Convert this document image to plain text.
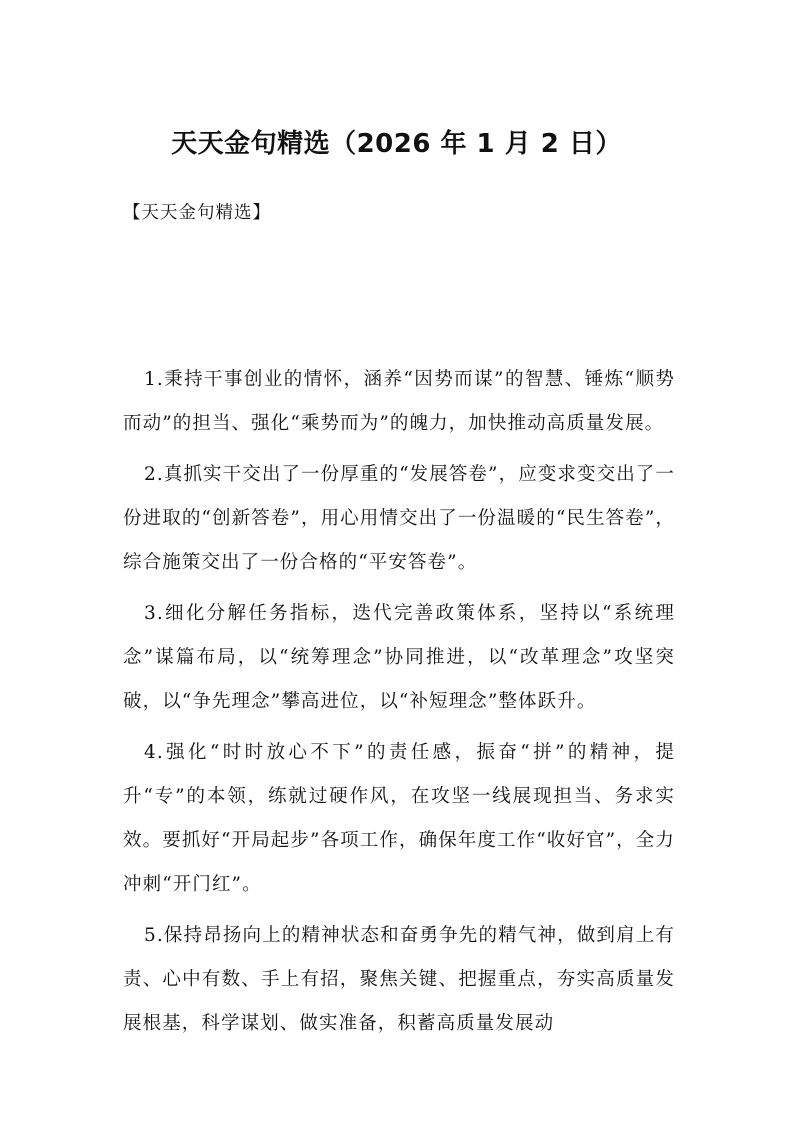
天天金句精选（2026 年 1 月 2 日）

【天天金句精选】

1.秉持干事创业的情怀，涵养“因势而谋”的智慧、锤炼“顺势而动”的担当、强化“乘势而为”的魄力，加快推动高质量发展。

2.真抓实干交出了一份厚重的“发展答卷”，应变求变交出了一份进取的“创新答卷”，用心用情交出了一份温暖的“民生答卷”，综合施策交出了一份合格的“平安答卷”。

3.细化分解任务指标，迭代完善政策体系，坚持以“系统理念”谋篇布局，以“统筹理念”协同推进，以“改革理念”攻坚突破，以“争先理念”攀高进位，以“补短理念”整体跃升。

4.强化“时时放心不下”的责任感，振奋“拼”的精神，提升“专”的本领，练就过硬作风，在攻坚一线展现担当、务求实效。要抓好“开局起步”各项工作，确保年度工作“收好官”，全力冲刺“开门红”。

5.保持昂扬向上的精神状态和奋勇争先的精气神，做到肩上有责、心中有数、手上有招，聚焦关键、把握重点，夯实高质量发展根基，科学谋划、做实准备，积蓄高质量发展动
